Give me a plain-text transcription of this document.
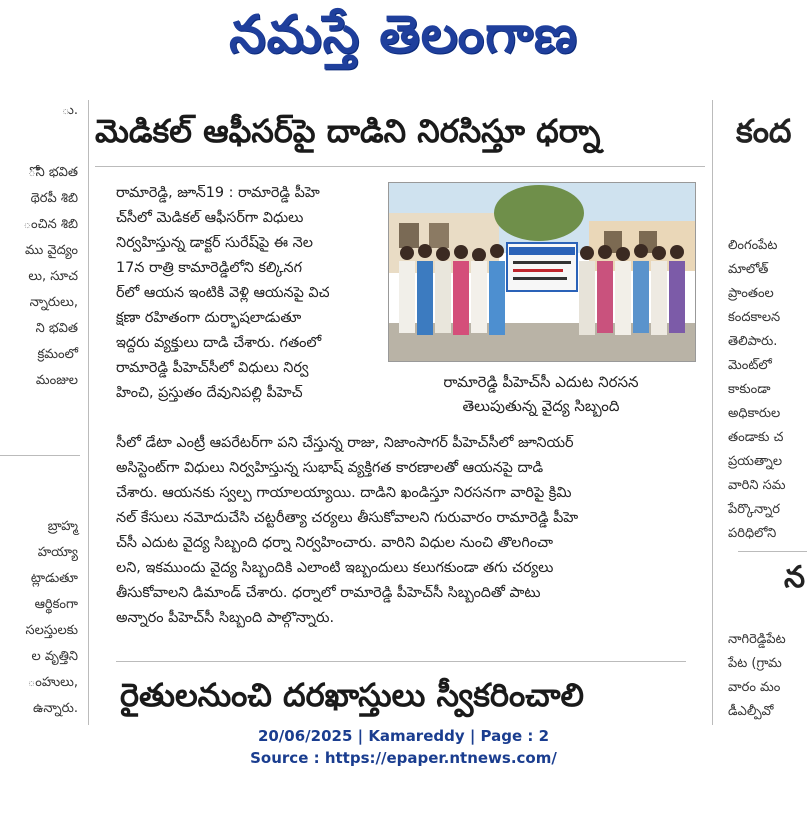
నమస్తే తెలంగాణ
ు.
ోని భవిత
థెరపీ శిబి
ంచిన శిబి
ము వైద్యం
లు, సూచ
న్నారులు,
ని భవిత
క్రమంలో
మంజుల
బ్రాహ్మ
హయ్యా
ట్లాడుతూ
ఆర్థికంగా
సలస్తులకు
ల వృత్తిని
ంహులు,
ఉన్నారు.
మెడికల్ ఆఫీసర్‌పై దాడిని నిరసిస్తూ ధర్నా
రామారెడ్డి, జూన్19 : రామారెడ్డి పీహె
చ్‌సీలో మెడికల్ ఆఫీసర్‌గా విధులు
నిర్వహిస్తున్న డాక్టర్ సురేష్‌పై ఈ నెల
17న రాత్రి కామారెడ్డిలోని కల్కినగ
ర్‌లో ఆయన ఇంటికి వెళ్లి ఆయనపై విచ
క్షణా రహితంగా దుర్భాషలాడుతూ
ఇద్దరు వ్యక్తులు దాడి చేశారు. గతంలో
రామారెడ్డి పీహెచ్‌సీలో విధులు నిర్వ
హించి, ప్రస్తుతం దేవునిపల్లి పీహెచ్
సీలో డేటా ఎంట్రీ ఆపరేటర్‌గా పని చేస్తున్న రాజు, నిజాంసాగర్ పీహెచ్‌సీలో జూనియర్
అసిస్టెంట్‌గా విధులు నిర్వహిస్తున్న సుభాష్ వ్యక్తిగత కారణాలతో ఆయనపై దాడి
చేశారు. ఆయనకు స్వల్ప గాయాలయ్యాయి. దాడిని ఖండిస్తూ నిరసనగా వారిపై క్రిమి
నల్ కేసులు నమోదుచేసి చట్టరీత్యా చర్యలు తీసుకోవాలని గురువారం రామారెడ్డి పీహె
చ్‌సీ ఎదుట వైద్య సిబ్బంది ధర్నా నిర్వహించారు. వారిని విధుల నుంచి తొలగించా
లని, ఇకముందు వైద్య సిబ్బందికి ఎలాంటి ఇబ్బందులు కలుగకుండా తగు చర్యలు
తీసుకోవాలని డిమాండ్ చేశారు. ధర్నాలో రామారెడ్డి పీహెచ్‌సీ సిబ్బందితో పాటు
అన్నారం పీహెచ్‌సీ సిబ్బంది పాల్గొన్నారు.
రామారెడ్డి పీహెచ్‌సీ ఎదుట నిరసన
తెలుపుతున్న వైద్య సిబ్బంది
రైతులనుంచి దరఖాస్తులు స్వీకరించాలి
కంద
లింగంపేట
మాలోత్
ప్రాంతంల
కందకాలన
తెలిపారు.
మెంట్‌లో
కాకుండా
అధికారుల
తండాకు చ
ప్రయత్నాల
వారిని సమ
పేర్కొన్నార
పరిధిలోని
నాగిరెడ్డిపేట
పేట (గ్రామ
వారం మం
డీఎల్పీవో
న
20/06/2025 | Kamareddy | Page : 2
Source : https://epaper.ntnews.com/
